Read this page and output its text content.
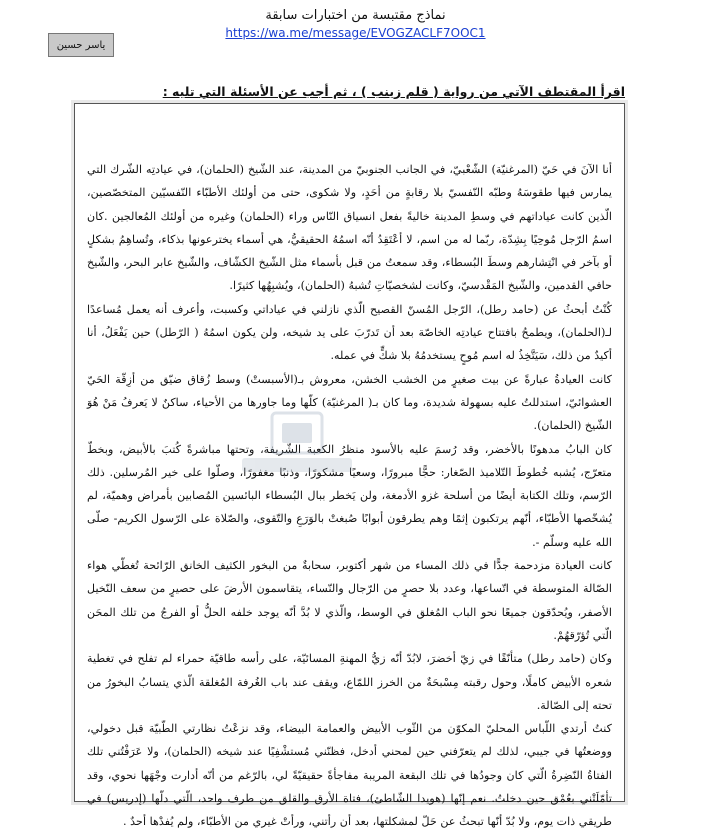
نماذج مقتبسة من اختبارات سابقة
https://wa.me/message/EVOGZACLF7OOC1
ياسر حسين
اقرأ المقتطف الآتي من رواية ( قلم زينب ) ، ثم أجب عن الأسئلة التي تليه :

أنا الآنَ في حَيّ (المرغنيّة) الشّعْبيّ، في الجانب الجنوبيّ من المدينة، عند الشّيخ (الحلمان)، في عيادتِه الشّرك التي يمارس فيها طقوسَهُ وطبّه النّفسيّ بلا رقابةٍ من أحَدٍ، ولا شكوى، حتى من أولئك الأطبّاء النّفسيّين المتخصّصين، الّذين كانت عياداتهم في وسطِ المدينة خاليةً بفعل انسياق النّاس وراء (الحلمان) وغيره من أولئك المُعالجين .كان اسمُ الرّجل مُوحِيًا بِشِدّة، ربّما له من اسم، لا أعْتَقِدُ أنّه اسمُهُ الحقيقيُّ، هي أسماء يخترعونها بذكاء، وتُساهِمُ بشكلٍ أو بآخر في انْتِشارهم وسطَ البُسطاء، وقد سمعتُ من قبل بأسماء مثل الشّيخ الكشّاف، والشّيخ عابر البحر، والشّيخ حافي القدمين، والشّيخ المَقْدسيّ، وكانت لشخصيّاتِ تُشبهُ (الحلمان)، ويُشبِهُها كثيرًا.

كُنْتُ أبحثُ عن (حامد رطل)، الرّجل المُسنّ القصيح الّذي نازلني في عياداتي وكسبت، وأعرف أنه يعمل مُساعدًا لـ(الحلمان)، ويطمحُ بافتتاح عيادتِه الخاصّة بعد أن تَدرّبَ على يد شيخه، ولن يكون اسمُهُ ( الرّطل) حين يَفْعَلُ، أنا أكيدٌ من ذلك، سَيَتَّخِذُ له اسم مُوحٍ يستخدمُهُ بلا شكٍّ في عمله.

كانت العيادةُ عبارةً عن بيت صغيرٍ من الخشب الخشن، معروش بـ(الأسبستْ) وسط زُقاق ضيّق من أزِقّة الحَيّ العشوائيّ، استدللتُ عليه بسهولة شديدة، وما كان بـ( المرغنيّة) كلّها وما جاورها من الأحياء، ساكنٌ لا يَعرفُ مَنْ هُوَ الشّيخ (الحلمان).

كان البابُ مدهونًا بالأخضر، وقد رُسمَ عليه بالأسود منظرُ الكعبة الشّريفة، وتحتها مباشرةً كُتبَ بالأبيض، وبخطّ متعرّج، يُشبه خُطوطَ التّلاميذ الصّغار: حجًّا مبرورًا، وسعيًا مشكورًا، وذنبًا مغفورًا، وصلّوا على خير المُرسلين. ذلك الرّسم، وتلك الكتابة أيضًا من أسلحة غزو الأدمغة، ولن يَخطر ببال البُسطاء البائسين المُصابين بأمراض وهميّة، لم يُشخّصها الأطبّاء، أنّهم يرتكبون إثمًا وهم يطرقون أبوابًا صُبغتْ بالوَرَعِ والتّقوى، والصّلاة على الرّسول الكريم- صلّى الله عليه وسلّم -.

كانت العيادة مزدحمة جدًّا في ذلك المساء من شهر أكتوبر، سحابةٌ من البخور الكثيف الخانق الرّائحة تُغطّي هواء الصّالة المتوسطة في اتّساعها، وعدد بلا حصرٍ من الرّجال والنّساء، يتقاسمون الأرضَ على حصيرٍ من سعف النّخيل الأصفر، ويُحدّقون جميعًا نحو الباب المُغلق في الوسط، والّذي لا بُدَّ أنّه يوجد خلفه الحلُّ أو الفرجُ من تلك المحَن الّتي تُؤرّقهُمْ.

وكان (حامد رطل) متأنّقًا في زيّ أخضرَ، لابُدّ أنّه زيُّ المهنةِ المسائيّة، على رأسه طاقيّة حمراء لم تفلح في تغطية شعره الأبيض كاملًا، وحول رقبته مِسْبحَةٌ من الخرز اللمّاع، ويقف عند باب الغُرفة المُغلقة الّذي يتسابُ البخورُ من تحته إلى الصّالة.

كنتُ أرتدي اللّباس المحليّ المكوّن من الثّوب الأبيض والعمامة البيضاء، وقد نزعْتُ نظارتي الطّبيّة قبل دخولي، ووضعتُها في جيبي، لذلك لم يتعرّفني حين لمحني أدخل، فظنّني مُستشْفِيًا عند شيخه (الحلمان)، ولا عَرَفْتُني تلك الفتاةُ النّضِرةُ الّتي كان وجودُها في تلك البقعة المريبة مفاجأةً حقيقيّةً لي، بالرّغم من أنّه أدارت وجْهَها نحوي، وقد تأمّلَتْني بعُمْق حين دخلتُ. نعم إنّها (هويدا الشّاطئ)، فتاة الأرق والقلق من طرف واحد، الّتي دلّها (إدريس) في طريقي ذات يوم، ولا بُدّ أنّها تبحثُ عن حَلّ لمشكلتها، بعد أن رأتني، ورأتْ غيري من الأطبّاء، ولم يُفدْها أحدٌ .
